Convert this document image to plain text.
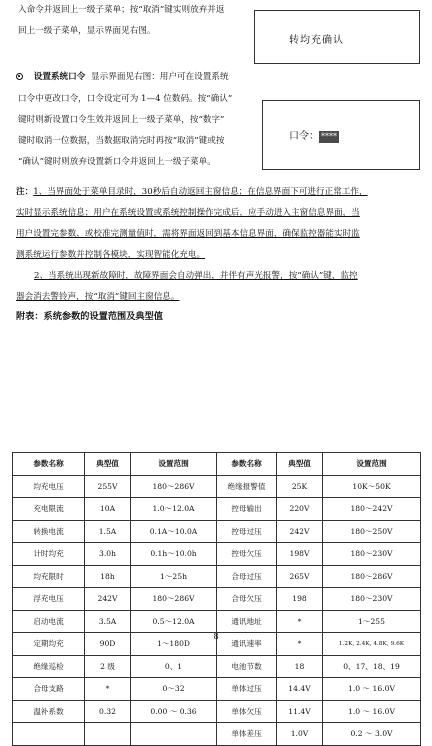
入命令并返回上一级子菜单；按“取消”键实则放弃并返
回上一级子菜单，显示界面见右图。
转均充确认
设置系统口令 显示界面见右图：用户可在设置系统
口令中更改口令，口令设定可为 1—4 位数码。按“确认”
键时则新设置口令生效并返回上一级子菜单，按“数字”
键时取消一位数据，当数据取消完时再按“取消”键或按
“确认”键时则放弃设置新口令并返回上一级子菜单。
口令： ****
注：1、当界面处于菜单目录时，30秒后自动返回主窗信息；在信息界面下可进行正常工作，
实时显示系统信息；用户在系统设置或系统控制操作完成后，应手动进入主窗信息界面，当
用户设置完参数、或校准完测量值时，需将界面返回到基本信息界面，确保监控器能实时监
测系统运行参数并控制各模块，实现智能化充电。
2、当系统出现新故障时，故障界面会自动弹出，并伴有声光报警，按“确认”键，监控
器会消去警铃声，按“取消”键回主窗信息。
附表：系统参数的设置范围及典型值
参数名称	典型值	设置范围	参数名称	典型值	设置范围
均充电压	255V	180～286V	绝缘报警值	25K	10K～50K
充电限流	10A	1.0～12.0A	控母输出	220V	180～242V
转换电流	1.5A	0.1A～10.0A	控母过压	242V	180～250V
计时均充	3.0h	0.1h～10.0h	控母欠压	198V	180～230V
均充限时	18h	1～25h	合母过压	265V	180～286V
浮充电压	242V	180～286V	合母欠压	198	180～230V
启动电流	3.5A	0.5～12.0A	通讯地址	*	1～255
定期均充	90D	1～180D	通讯速率	*	1.2K, 2.4K, 4.8K, 9.6K
绝缘巡检	2 级	0、1	电池节数	18	0、17、18、19
合母支路	*	0～32	单体过压	14.4V	1.0 ～ 16.0V
温补系数	0.32	0.00 ～ 0.36	单体欠压	11.4V	1.0 ～ 16.0V
			单体差压	1.0V	0.2 ～ 3.0V
8
